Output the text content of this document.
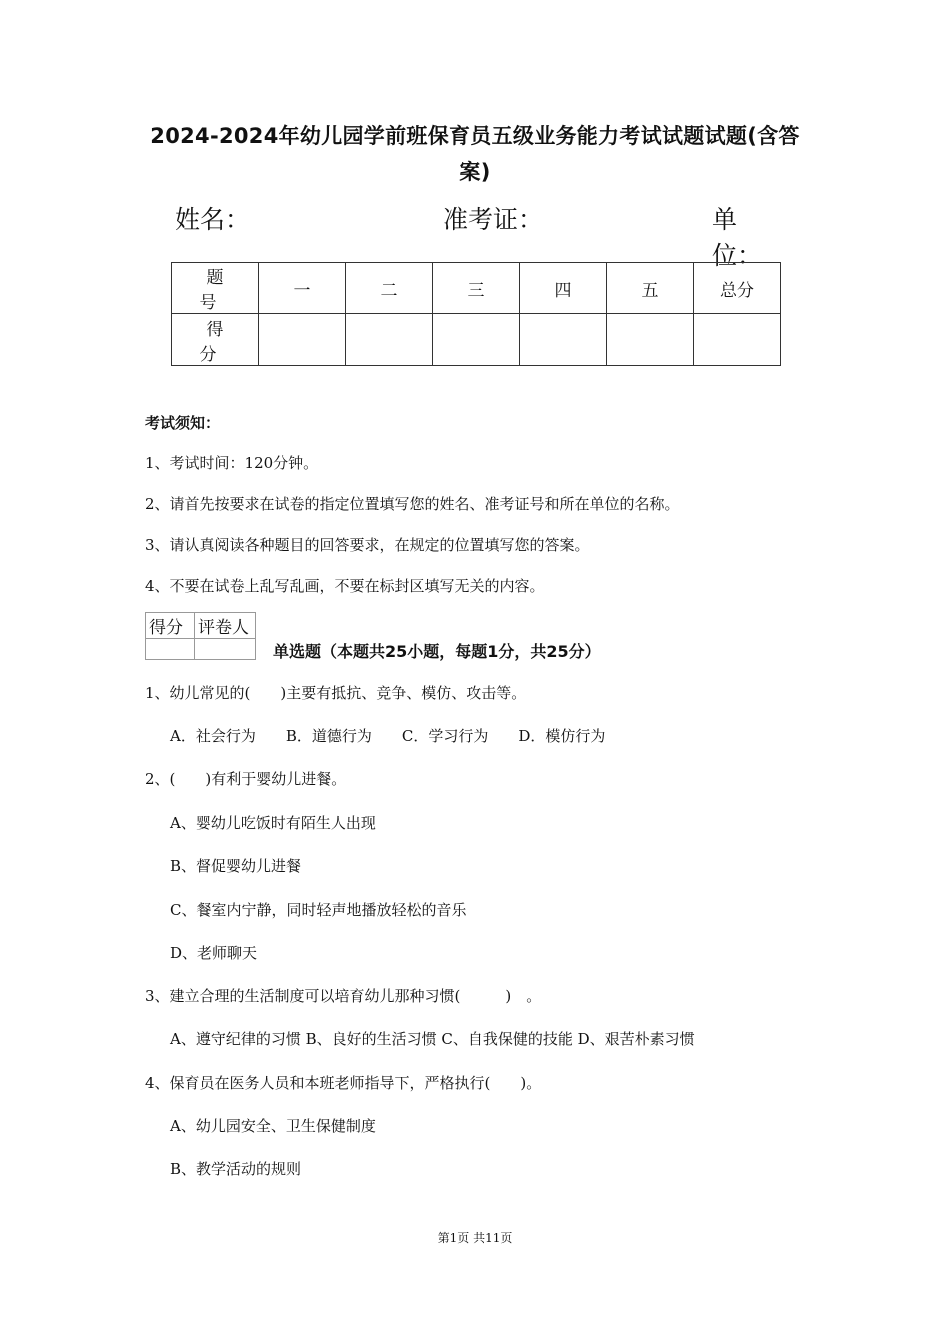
2024-2024年幼儿园学前班保育员五级业务能力考试试题试题(含答
案)
姓名：	准考证：	单位：
题 号	一	二	三	四	五	总分
得 分						
考试须知：
1、考试时间：120分钟。
2、请首先按要求在试卷的指定位置填写您的姓名、准考证号和所在单位的名称。
3、请认真阅读各种题目的回答要求，在规定的位置填写您的答案。
4、不要在试卷上乱写乱画，不要在标封区填写无关的内容。
得分	评卷人

单选题（本题共25小题，每题1分，共25分）
1、幼儿常见的(　　)主要有抵抗、竞争、模仿、攻击等。
A．社会行为　　B．道德行为　　C．学习行为　　D．模仿行为
2、(　　)有利于婴幼儿进餐。
A、婴幼儿吃饭时有陌生人出现
B、督促婴幼儿进餐
C、餐室内宁静，同时轻声地播放轻松的音乐
D、老师聊天
3、建立合理的生活制度可以培育幼儿那种习惯(　　　)　。
A、遵守纪律的习惯 B、良好的生活习惯 C、自我保健的技能 D、艰苦朴素习惯
4、保育员在医务人员和本班老师指导下，严格执行(　　)。
A、幼儿园安全、卫生保健制度
B、教学活动的规则
第1页 共11页
